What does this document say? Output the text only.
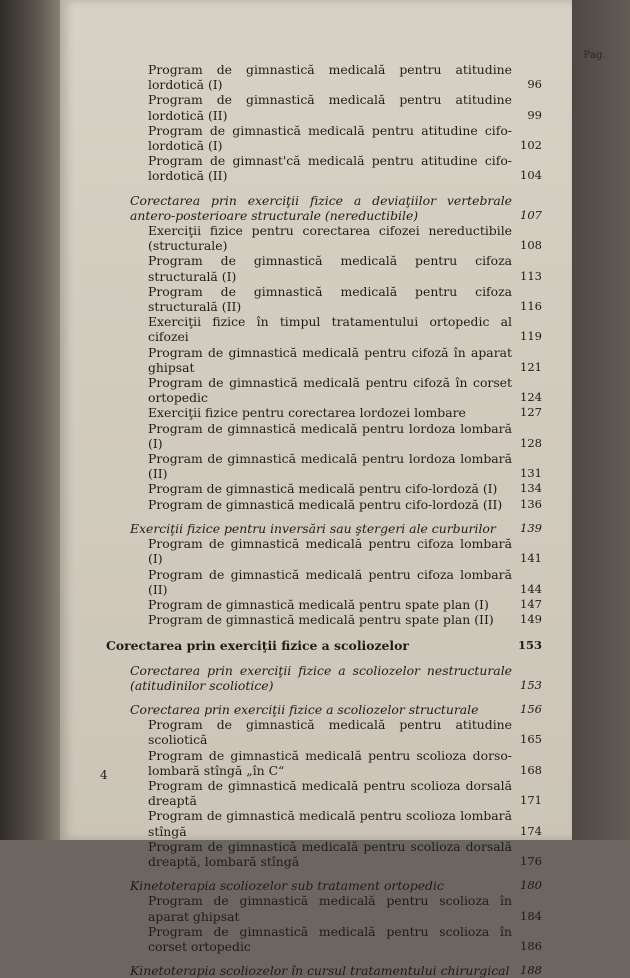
Pag.
Program de gimnastică medicală pentru atitudine lordotică (I)	96
Program de gimnastică medicală pentru atitudine lordotică (II)	99
Program de gimnastică medicală pentru atitudine cifo-lordotică (I)	102
Program de gimnast'că medicală pentru atitudine cifo-lordotică (II)	104
Corectarea prin exerciţii fizice a deviaţiilor vertebrale antero-posterioare structurale (nereductibile)	107
Exerciţii fizice pentru corectarea cifozei nereductibile (structurale)	108
Program de gimnastică medicală pentru cifoza structurală (I)	113
Program de gimnastică medicală pentru cifoza structurală (II)	116
Exerciţii fizice în timpul tratamentului ortopedic al cifozei	119
Program de gimnastică medicală pentru cifoză în aparat ghipsat	121
Program de gimnastică medicală pentru cifoză în corset ortopedic	124
Exerciţii fizice pentru corectarea lordozei lombare	127
Program de gimnastică medicală pentru lordoza lombară (I)	128
Program de gimnastică medicală pentru lordoza lombară (II)	131
Program de gimnastică medicală pentru cifo-lordoză (I)	134
Program de gimnastică medicală pentru cifo-lordoză (II)	136
Exerciţii fizice pentru inversări sau ştergeri ale curburilor	139
Program de gimnastică medicală pentru cifoza lombară (I)	141
Program de gimnastică medicală pentru cifoza lombară (II)	144
Program de gimnastică medicală pentru spate plan (I)	147
Program de gimnastică medicală pentru spate plan (II)	149
Corectarea prin exerciţii fizice a scoliozelor	153
Corectarea prin exerciţii fizice a scoliozelor nestructurale (atitudinilor scoliotice)	153
Corectarea prin exerciţii fizice a scoliozelor structurale	156
Program de gimnastică medicală pentru atitudine scoliotică	165
Program de gimnastică medicală pentru scolioza dorso-lombară stîngă „în C“	168
Program de gimnastică medicală pentru scolioza dorsală dreaptă	171
Program de gimnastică medicală pentru scolioza lombară stîngă	174
Program de gimnastică medicală pentru scolioza dorsală dreaptă, lombară stîngă	176
Kinetoterapia scoliozelor sub tratament ortopedic	180
Program de gimnastică medicală pentru scolioza în aparat ghipsat	184
Program de gimnastică medicală pentru scolioza în corset ortopedic	186
Kinetoterapia scoliozelor în cursul tratamentului chirurgical 188
4
